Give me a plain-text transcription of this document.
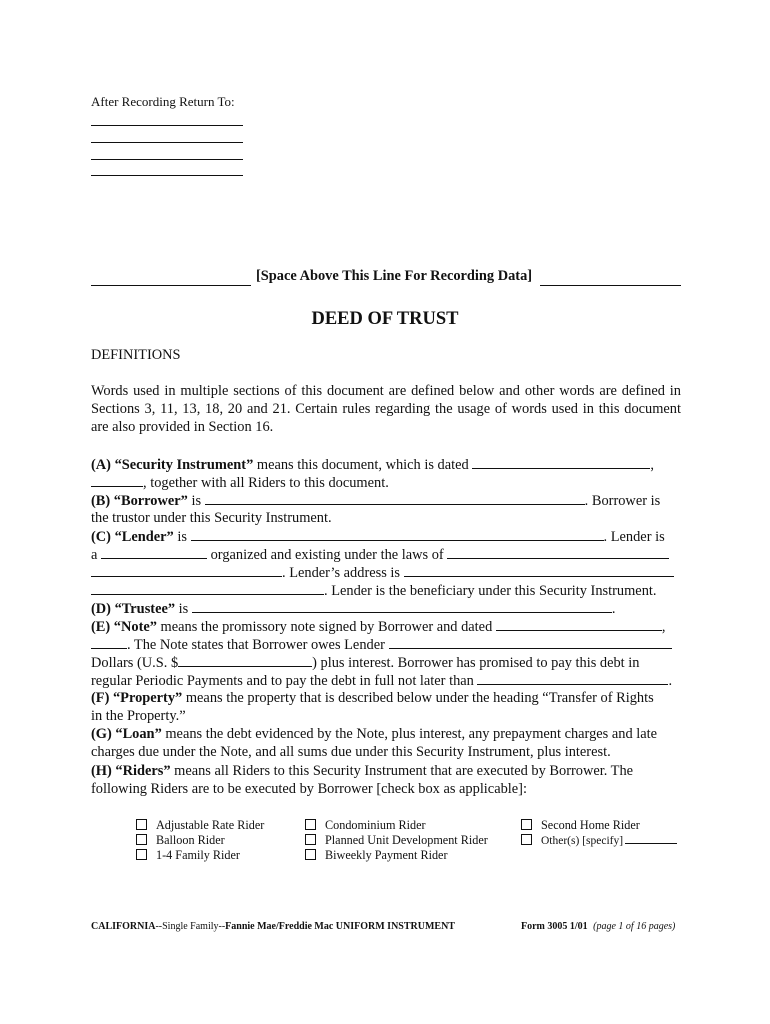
After Recording Return To:
[Space Above This Line For Recording Data]
DEED OF TRUST
DEFINITIONS
Words used in multiple sections of this document are defined below and other words are defined in
Sections 3, 11, 13, 18, 20 and 21. Certain rules regarding the usage of words used in this document
are also provided in Section 16.
(A) “Security Instrument” means this document, which is dated	,
, together with all Riders to this document.
(B) “Borrower” is	. Borrower is
the trustor under this Security Instrument.
(C) “Lender” is	. Lender is
a	organized and existing under the laws of
. Lender’s address is
. Lender is the beneficiary under this Security Instrument.
(D) “Trustee” is	.
(E) “Note” means the promissory note signed by Borrower and dated	,
. The Note states that Borrower owes Lender
Dollars (U.S. $	) plus interest. Borrower has promised to pay this debt in
regular Periodic Payments and to pay the debt in full not later than	.
(F) “Property” means the property that is described below under the heading “Transfer of Rights
in the Property.”
(G) “Loan” means the debt evidenced by the Note, plus interest, any prepayment charges and late
charges due under the Note, and all sums due under this Security Instrument, plus interest.
(H) “Riders” means all Riders to this Security Instrument that are executed by Borrower. The
following Riders are to be executed by Borrower [check box as applicable]:
Adjustable Rate Rider	Condominium Rider	Second Home Rider
Balloon Rider	Planned Unit Development Rider	Other(s) [specify]
1-4 Family Rider	Biweekly Payment Rider
CALIFORNIA--Single Family--Fannie Mae/Freddie Mac UNIFORM INSTRUMENT	Form 3005 1/01 (page 1 of 16 pages)
